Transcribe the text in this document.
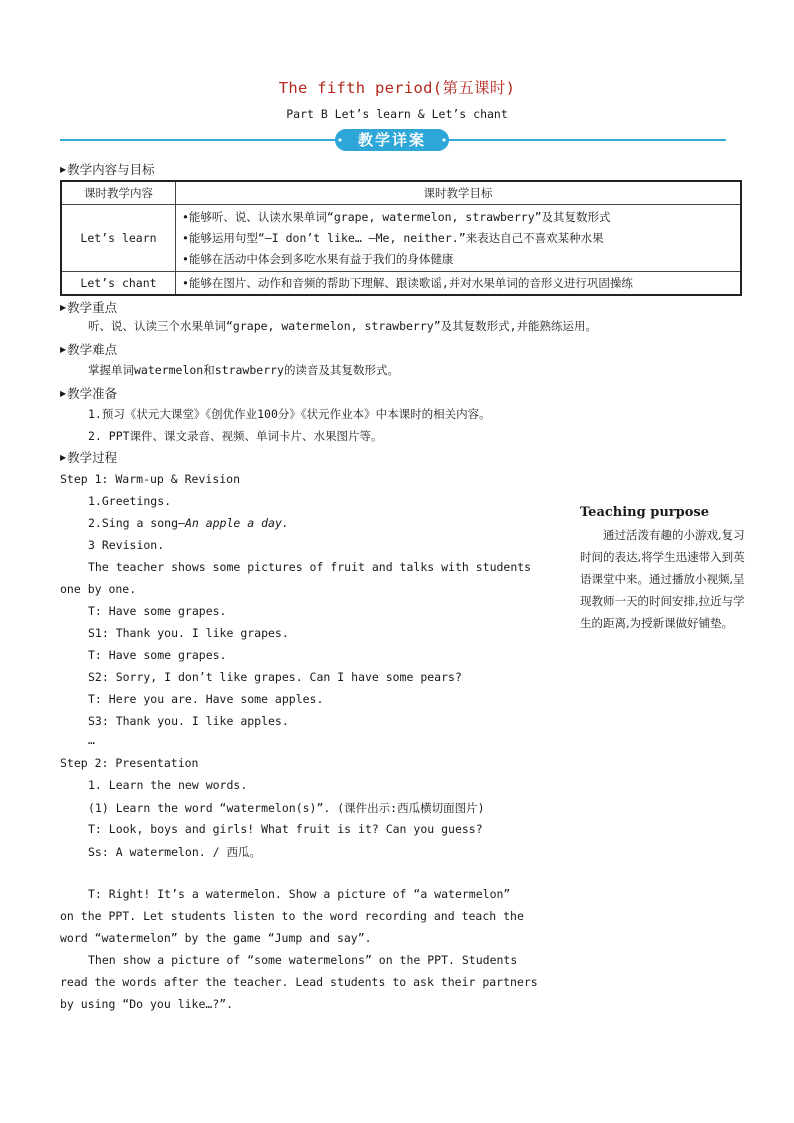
The fifth period(第五课时)
Part B Let’s learn & Let’s chant
教学详案
▶教学内容与目标
课时教学内容	课时教学目标
Let’s learn	•能够听、说、认读水果单词“grape, watermelon, strawberry”及其复数形式
•能够运用句型“—I don’t like… —Me, neither.”来表达自己不喜欢某种水果
•能够在活动中体会到多吃水果有益于我们的身体健康

Let’s chant	•能够在图片、动作和音频的帮助下理解、跟读歌谣,并对水果单词的音形义进行巩固操练
▶教学重点
听、说、认读三个水果单词“grape, watermelon, strawberry”及其复数形式,并能熟练运用。
▶教学难点
掌握单词watermelon和strawberry的读音及其复数形式。
▶教学准备
1.预习《状元大课堂》《创优作业100分》《状元作业本》中本课时的相关内容。
2. PPT课件、课文录音、视频、单词卡片、水果图片等。
▶教学过程
Step 1: Warm-up & Revision
1.Greetings.
2.Sing a song—An apple a day.
3 Revision.
The teacher shows some pictures of fruit and talks with students
one by one.
T: Have some grapes.
S1: Thank you. I like grapes.
T: Have some grapes.
S2: Sorry, I don’t like grapes. Can I have some pears?
T: Here you are. Have some apples.
S3: Thank you. I like apples.
…
Step 2: Presentation
1. Learn the new words.
(1) Learn the word “watermelon(s)”. (课件出示:西瓜横切面图片)
T: Look, boys and girls! What fruit is it? Can you guess?
Ss: A watermelon. / 西瓜。
T: Right! It’s a watermelon. Show a picture of “a watermelon”
on the PPT. Let students listen to the word recording and teach the
word “watermelon” by the game “Jump and say”.
Then show a picture of “some watermelons” on the PPT. Students
read the words after the teacher. Lead students to ask their partners
by using “Do you like…?”.
Teaching purpose
通过活泼有趣的小游戏,复习时间的表达,将学生迅速带入到英语课堂中来。通过播放小视频,呈现教师一天的时间安排,拉近与学生的距离,为授新课做好铺垫。
